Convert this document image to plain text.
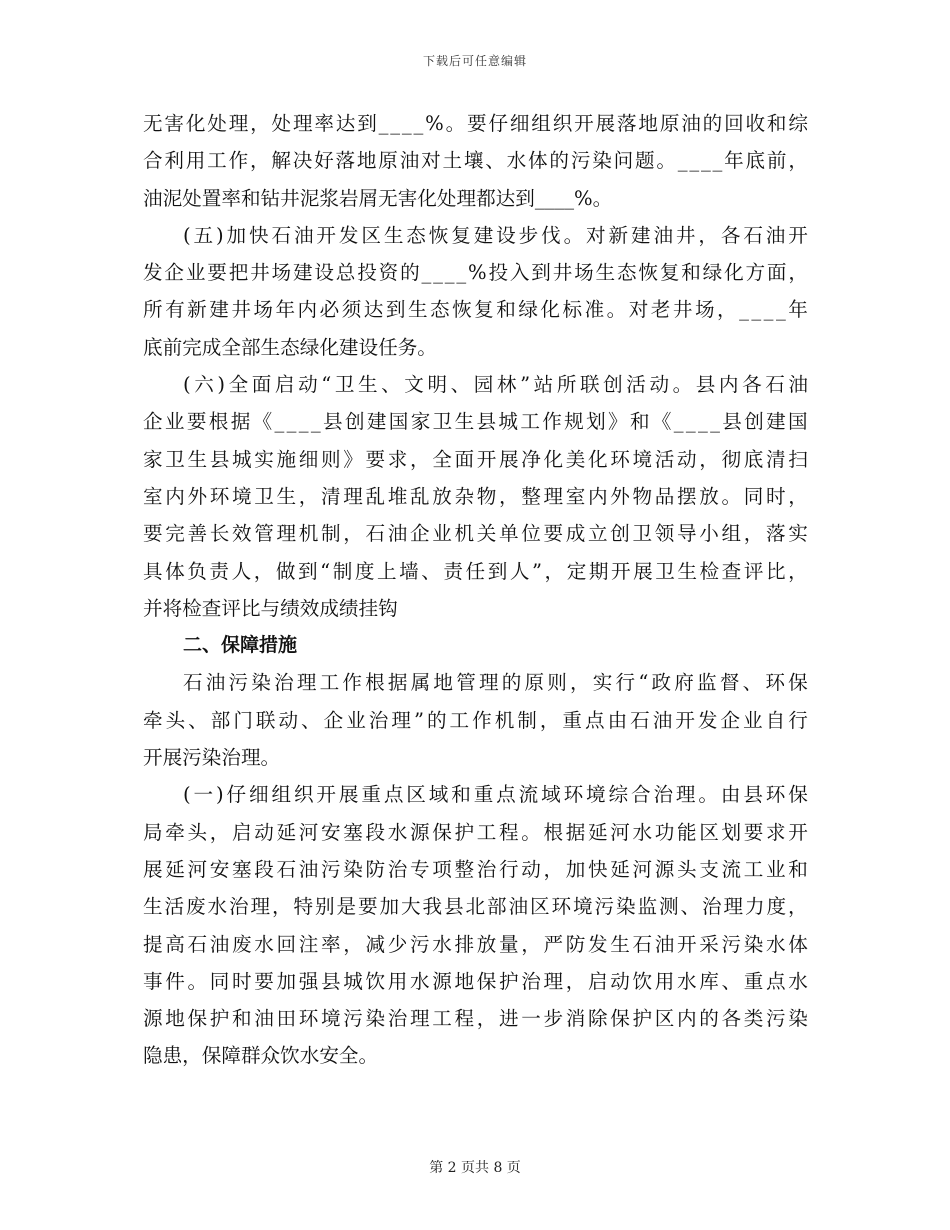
下载后可任意编辑
无 害 化 处 理 ， 处 理 率 达 到 _ _ _ _ % 。 要 仔 细 组 织 开 展 落 地 原 油 的 回 收 和 综
合 利 用 工 作 ， 解 决 好 落 地 原 油 对 土 壤 、 水 体 的 污 染 问 题 。 _ _ _ _ 年 底 前 ，
油泥处置率和钻井泥浆岩屑无害化处理都达到____%。
( 五 ) 加 快 石 油 开 发 区 生 态 恢 复 建 设 步 伐 。 对 新 建 油 井 ， 各 石 油 开
发 企 业 要 把 井 场 建 设 总 投 资 的 _ _ _ _ % 投 入 到 井 场 生 态 恢 复 和 绿 化 方 面 ，
所 有 新 建 井 场 年 内 必 须 达 到 生 态 恢 复 和 绿 化 标 准 。 对 老 井 场 ， _ _ _ _ 年
底前完成全部生态绿化建设任务。
( 六 ) 全 面 启 动 “ 卫 生 、 文 明 、 园 林 ” 站 所 联 创 活 动 。 县 内 各 石 油
企 业 要 根 据 《 _ _ _ _ 县 创 建 国 家 卫 生 县 城 工 作 规 划 》 和 《 _ _ _ _ 县 创 建 国
家 卫 生 县 城 实 施 细 则 》 要 求 ， 全 面 开 展 净 化 美 化 环 境 活 动 ， 彻 底 清 扫
室 内 外 环 境 卫 生 ， 清 理 乱 堆 乱 放 杂 物 ， 整 理 室 内 外 物 品 摆 放 。 同 时 ，
要 完 善 长 效 管 理 机 制 ， 石 油 企 业 机 关 单 位 要 成 立 创 卫 领 导 小 组 ， 落 实
具 体 负 责 人 ， 做 到 “ 制 度 上 墙 、 责 任 到 人 ” ， 定 期 开 展 卫 生 检 查 评 比 ，
并将检查评比与绩效成绩挂钩
二、保障措施
石 油 污 染 治 理 工 作 根 据 属 地 管 理 的 原 则 ， 实 行 “ 政 府 监 督 、 环 保
牵 头 、 部 门 联 动 、 企 业 治 理 ” 的 工 作 机 制 ， 重 点 由 石 油 开 发 企 业 自 行
开展污染治理。
( 一 ) 仔 细 组 织 开 展 重 点 区 域 和 重 点 流 域 环 境 综 合 治 理 。 由 县 环 保
局 牵 头 ， 启 动 延 河 安 塞 段 水 源 保 护 工 程 。 根 据 延 河 水 功 能 区 划 要 求 开
展 延 河 安 塞 段 石 油 污 染 防 治 专 项 整 治 行 动 ， 加 快 延 河 源 头 支 流 工 业 和
生 活 废 水 治 理 ， 特 别 是 要 加 大 我 县 北 部 油 区 环 境 污 染 监 测 、 治 理 力 度 ，
提 高 石 油 废 水 回 注 率 ， 减 少 污 水 排 放 量 ， 严 防 发 生 石 油 开 采 污 染 水 体
事 件 。 同 时 要 加 强 县 城 饮 用 水 源 地 保 护 治 理 ， 启 动 饮 用 水 库 、 重 点 水
源 地 保 护 和 油 田 环 境 污 染 治 理 工 程 ， 进 一 步 消 除 保 护 区 内 的 各 类 污 染
隐患，保障群众饮水安全。
第 2 页共 8 页
